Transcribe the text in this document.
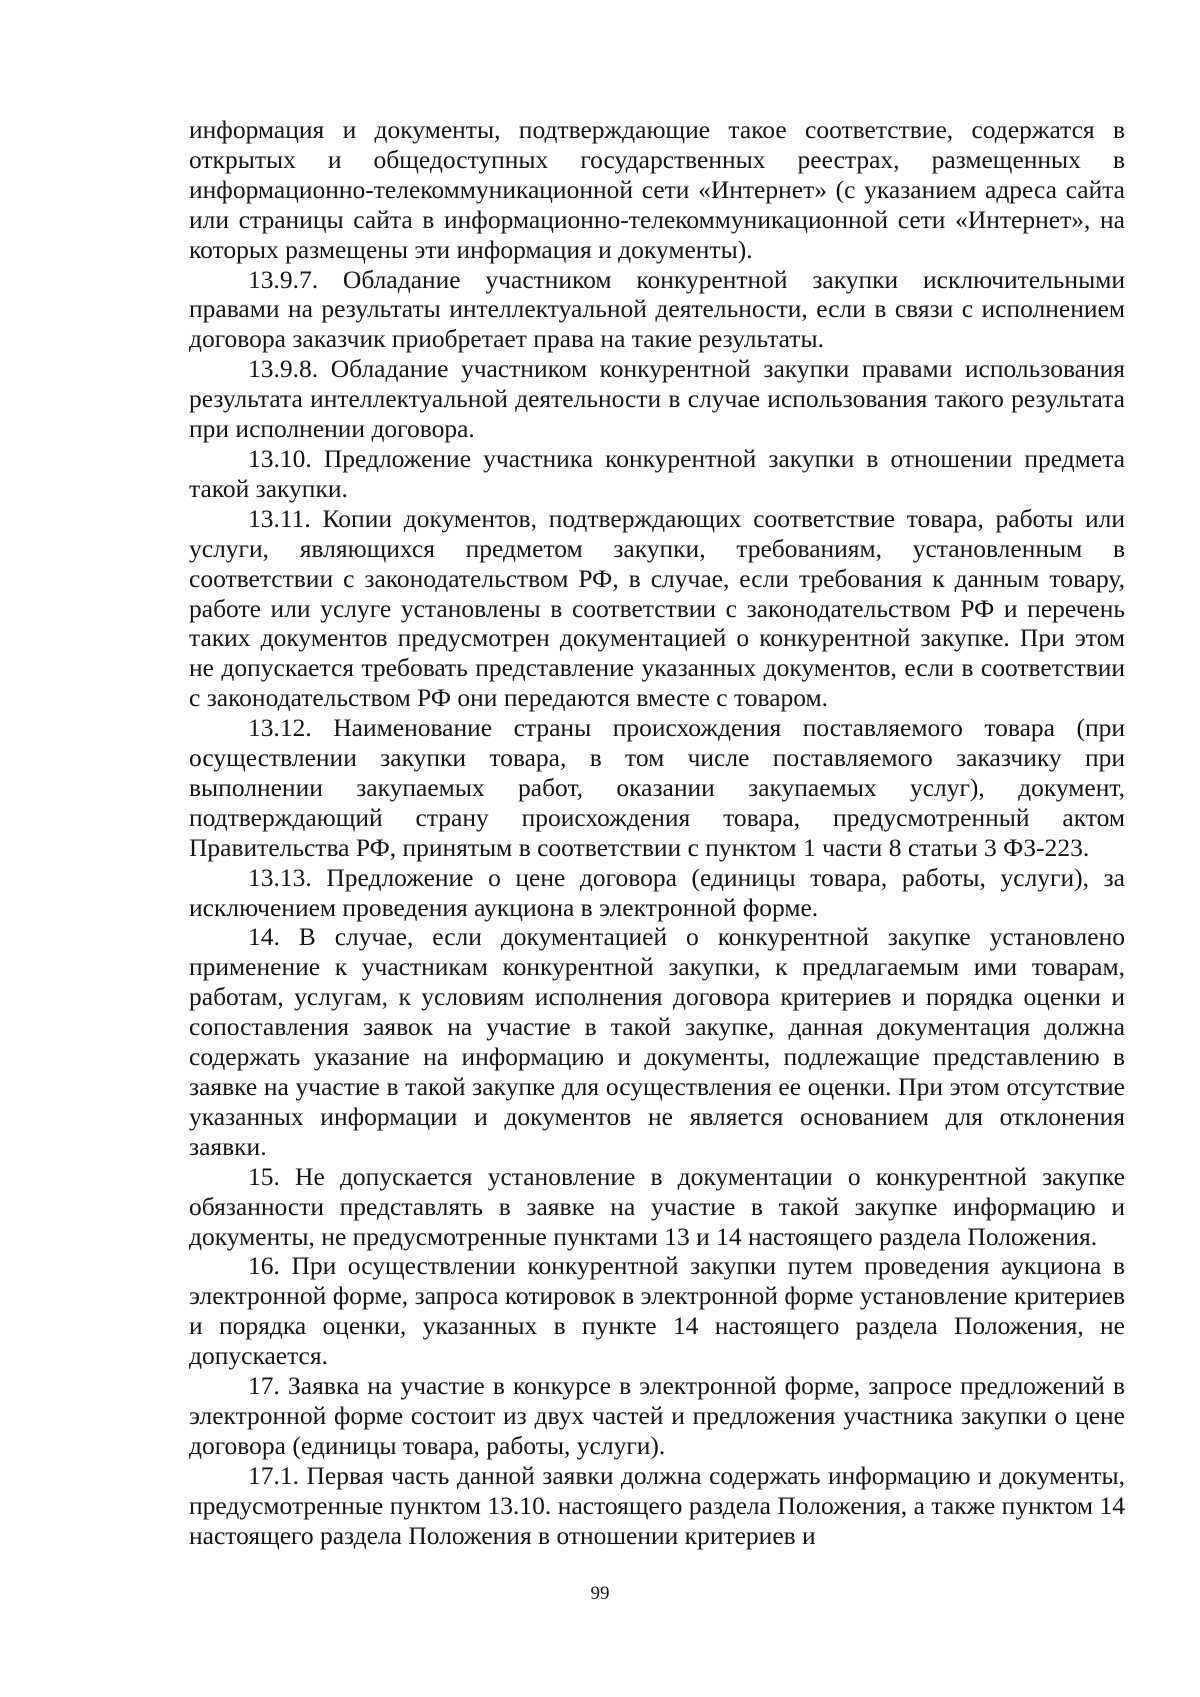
информация и документы, подтверждающие такое соответствие, содержатся в открытых и общедоступных государственных реестрах, размещенных в информационно-телекоммуникационной сети «Интернет» (с указанием адреса сайта или страницы сайта в информационно-телекоммуникационной сети «Интернет», на которых размещены эти информация и документы).

13.9.7. Обладание участником конкурентной закупки исключительными правами на результаты интеллектуальной деятельности, если в связи с исполнением договора заказчик приобретает права на такие результаты.

13.9.8. Обладание участником конкурентной закупки правами использования результата интеллектуальной деятельности в случае использования такого результата при исполнении договора.

13.10. Предложение участника конкурентной закупки в отношении предмета такой закупки.

13.11. Копии документов, подтверждающих соответствие товара, работы или услуги, являющихся предметом закупки, требованиям, установленным в соответствии с законодательством РФ, в случае, если требования к данным товару, работе или услуге установлены в соответствии с законодательством РФ и перечень таких документов предусмотрен документацией о конкурентной закупке. При этом не допускается требовать представление указанных документов, если в соответствии с законодательством РФ они передаются вместе с товаром.

13.12. Наименование страны происхождения поставляемого товара (при осуществлении закупки товара, в том числе поставляемого заказчику при выполнении закупаемых работ, оказании закупаемых услуг), документ, подтверждающий страну происхождения товара, предусмотренный актом Правительства РФ, принятым в соответствии с пунктом 1 части 8 статьи 3 ФЗ-223.

13.13. Предложение о цене договора (единицы товара, работы, услуги), за исключением проведения аукциона в электронной форме.

14. В случае, если документацией о конкурентной закупке установлено применение к участникам конкурентной закупки, к предлагаемым ими товарам, работам, услугам, к условиям исполнения договора критериев и порядка оценки и сопоставления заявок на участие в такой закупке, данная документация должна содержать указание на информацию и документы, подлежащие представлению в заявке на участие в такой закупке для осуществления ее оценки. При этом отсутствие указанных информации и документов не является основанием для отклонения заявки.

15. Не допускается установление в документации о конкурентной закупке обязанности представлять в заявке на участие в такой закупке информацию и документы, не предусмотренные пунктами 13 и 14 настоящего раздела Положения.

16. При осуществлении конкурентной закупки путем проведения аукциона в электронной форме, запроса котировок в электронной форме установление критериев и порядка оценки, указанных в пункте 14 настоящего раздела Положения, не допускается.

17. Заявка на участие в конкурсе в электронной форме, запросе предложений в электронной форме состоит из двух частей и предложения участника закупки о цене договора (единицы товара, работы, услуги).

17.1. Первая часть данной заявки должна содержать информацию и документы, предусмотренные пунктом 13.10. настоящего раздела Положения, а также пунктом 14 настоящего раздела Положения в отношении критериев и

99
